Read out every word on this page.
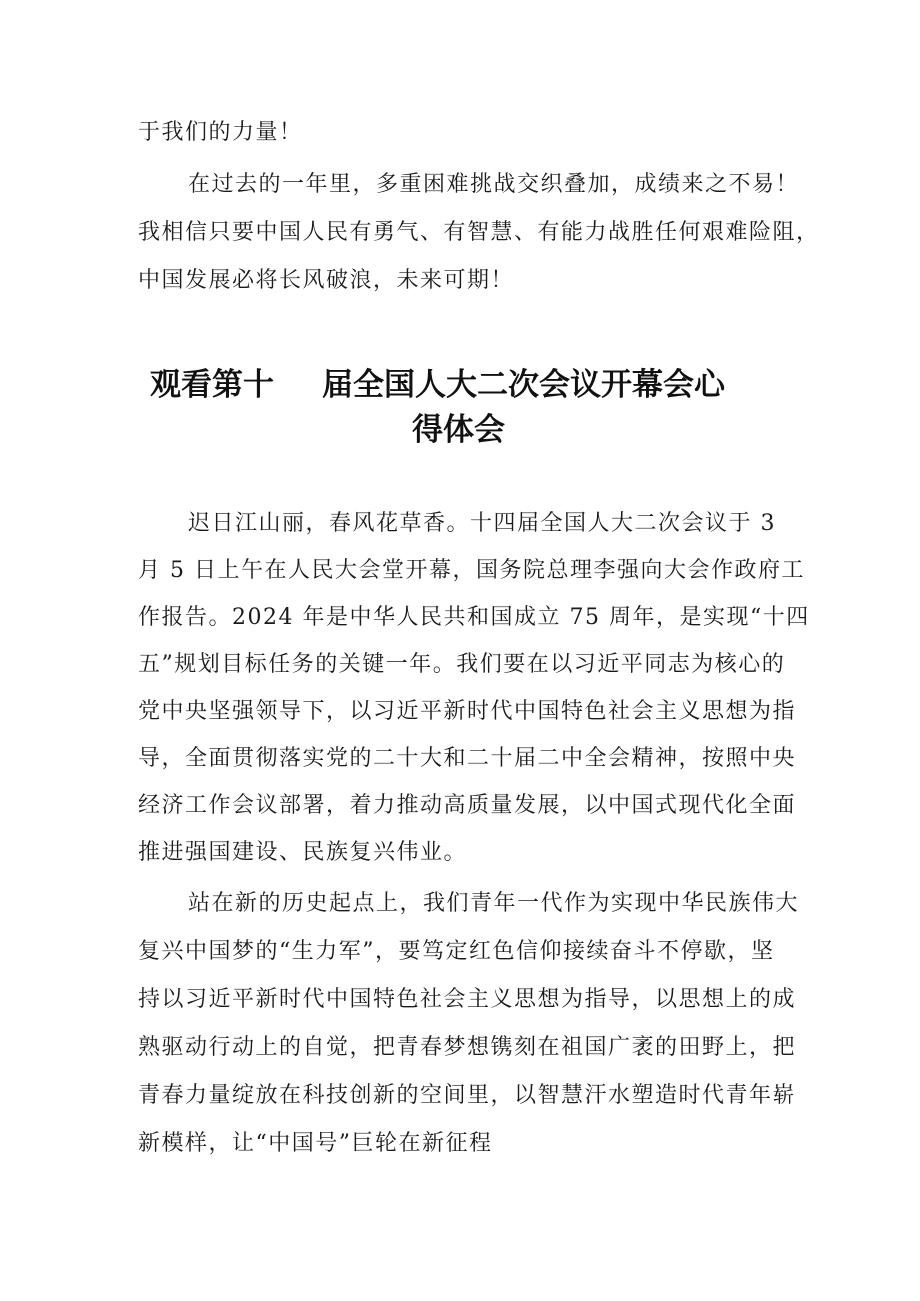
于我们的力量！
在过去的一年里，多重困难挑战交织叠加，成绩来之不易！
我相信只要中国人民有勇气、有智慧、有能力战胜任何艰难险阻，
中国发展必将长风破浪，未来可期！
观看第十 届全国人大二次会议开幕会心
得体会
迟日江山丽，春风花草香。十四届全国人大二次会议于 3
月 5 日上午在人民大会堂开幕，国务院总理李强向大会作政府工
作报告。2024 年是中华人民共和国成立 75 周年，是实现“十四
五”规划目标任务的关键一年。我们要在以习近平同志为核心的
党中央坚强领导下，以习近平新时代中国特色社会主义思想为指
导，全面贯彻落实党的二十大和二十届二中全会精神，按照中央
经济工作会议部署，着力推动高质量发展，以中国式现代化全面
推进强国建设、民族复兴伟业。
站在新的历史起点上，我们青年一代作为实现中华民族伟大
复兴中国梦的“生力军”，要笃定红色信仰接续奋斗不停歇，坚
持以习近平新时代中国特色社会主义思想为指导，以思想上的成
熟驱动行动上的自觉，把青春梦想镌刻在祖国广袤的田野上，把
青春力量绽放在科技创新的空间里，以智慧汗水塑造时代青年崭
新模样，让“中国号”巨轮在新征程
